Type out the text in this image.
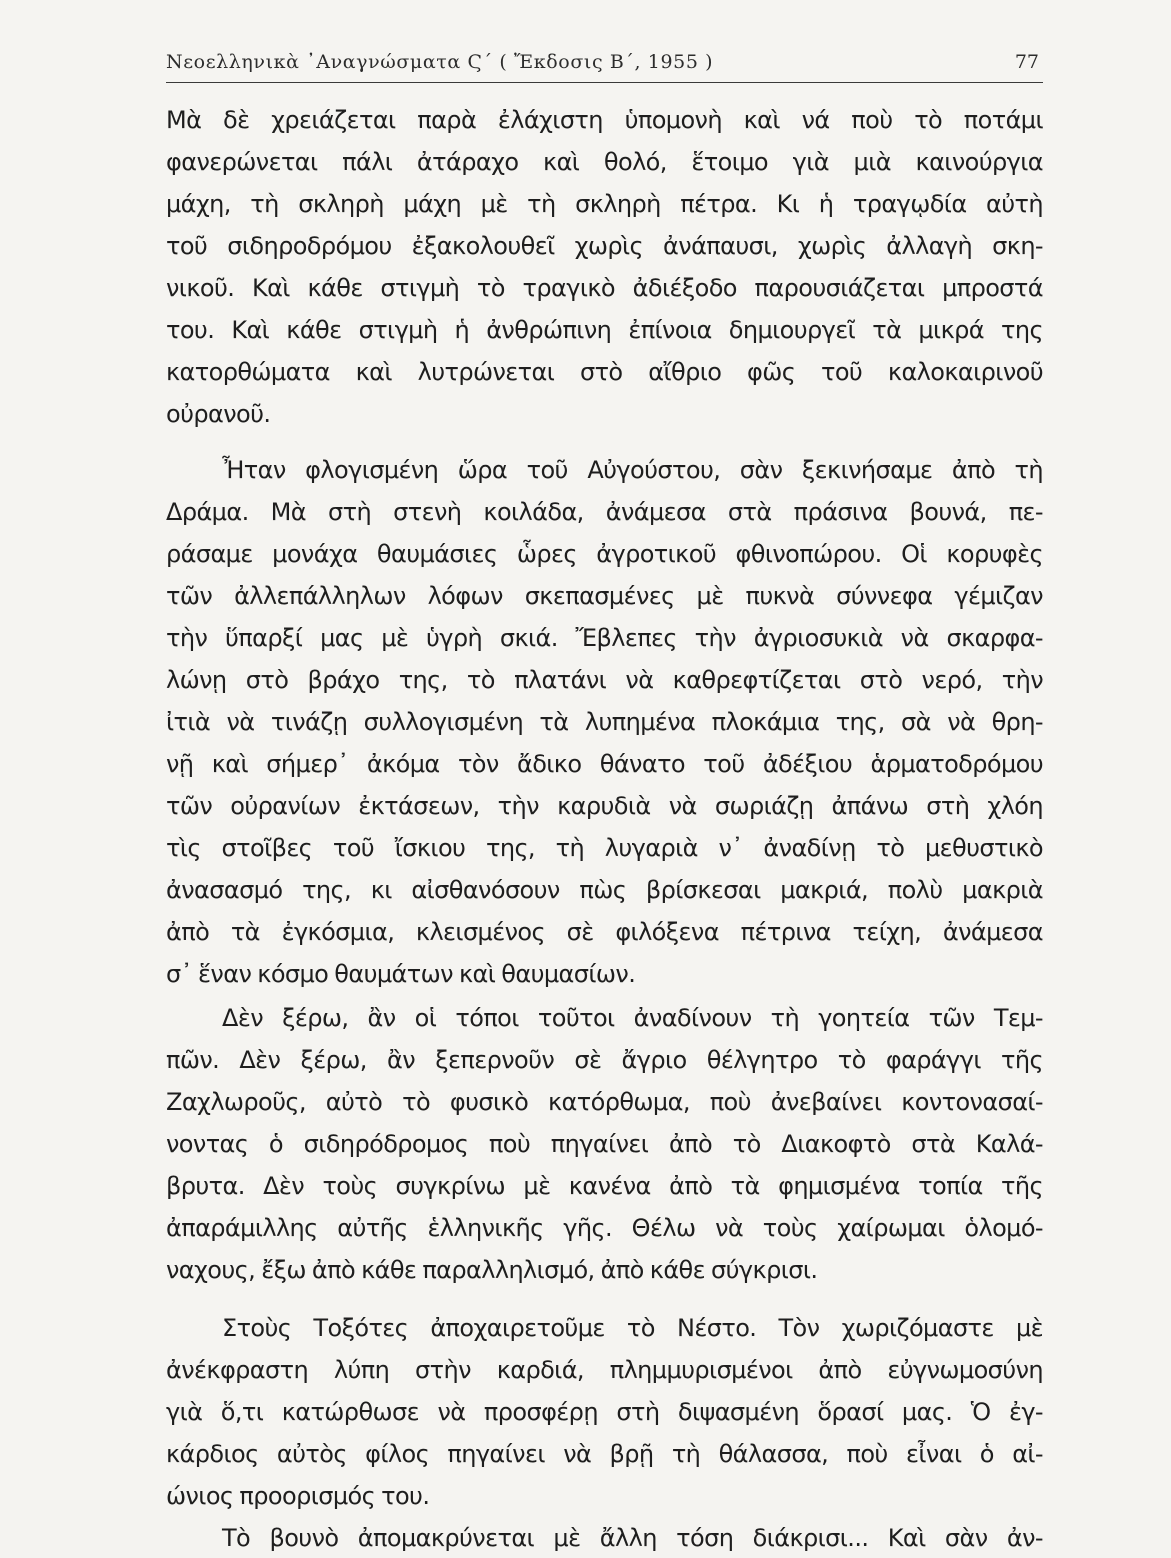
Νεοελληνικὰ ᾿Αναγνώσματα Ϛ΄ ( Ἔκδοσις Β΄, 1955 )	77
Μὰ δὲ χρειάζεται παρὰ ἐλάχιστη ὑπομονὴ καὶ νά ποὺ τὸ ποτάμι
φανερώνεται πάλι ἀτάραχο καὶ θολό, ἕτοιμο γιὰ μιὰ καινούργια
μάχη, τὴ σκληρὴ μάχη μὲ τὴ σκληρὴ πέτρα. Κι ἡ τραγῳδία αὐτὴ
τοῦ σιδηροδρόμου ἐξακολουθεῖ χωρὶς ἀνάπαυσι, χωρὶς ἀλλαγὴ σκη-
νικοῦ. Καὶ κάθε στιγμὴ τὸ τραγικὸ ἀδιέξοδο παρουσιάζεται μπροστά
του. Καὶ κάθε στιγμὴ ἡ ἀνθρώπινη ἐπίνοια δημιουργεῖ τὰ μικρά της
κατορθώματα καὶ λυτρώνεται στὸ αἴθριο φῶς τοῦ καλοκαιρινοῦ
οὐρανοῦ.
Ἦταν φλογισμένη ὥρα τοῦ Αὐγούστου, σὰν ξεκινήσαμε ἀπὸ τὴ
Δράμα. Μὰ στὴ στενὴ κοιλάδα, ἀνάμεσα στὰ πράσινα βουνά, πε-
ράσαμε μονάχα θαυμάσιες ὧρες ἀγροτικοῦ φθινοπώρου. Οἱ κορυφὲς
τῶν ἀλλεπάλληλων λόφων σκεπασμένες μὲ πυκνὰ σύννεφα γέμιζαν
τὴν ὕπαρξί μας μὲ ὑγρὴ σκιά. Ἔβλεπες τὴν ἀγριοσυκιὰ νὰ σκαρφα-
λώνῃ στὸ βράχο της, τὸ πλατάνι νὰ καθρεφτίζεται στὸ νερό, τὴν
ἰτιὰ νὰ τινάζῃ συλλογισμένη τὰ λυπημένα πλοκάμια της, σὰ νὰ θρη-
νῇ καὶ σήμερ᾿ ἀκόμα τὸν ἄδικο θάνατο τοῦ ἀδέξιου ἁρματοδρόμου
τῶν οὐρανίων ἐκτάσεων, τὴν καρυδιὰ νὰ σωριάζῃ ἀπάνω στὴ χλόη
τὶς στοῖβες τοῦ ἴσκιου της, τὴ λυγαριὰ ν᾿ ἀναδίνῃ τὸ μεθυστικὸ
ἀνασασμό της, κι αἰσθανόσουν πὼς βρίσκεσαι μακριά, πολὺ μακριὰ
ἀπὸ τὰ ἐγκόσμια, κλεισμένος σὲ φιλόξενα πέτρινα τείχη, ἀνάμεσα
σ᾿ ἕναν κόσμο θαυμάτων καὶ θαυμασίων.
Δὲν ξέρω, ἂν οἱ τόποι τοῦτοι ἀναδίνουν τὴ γοητεία τῶν Τεμ-
πῶν. Δὲν ξέρω, ἂν ξεπερνοῦν σὲ ἄγριο θέλγητρο τὸ φαράγγι τῆς
Ζαχλωροῦς, αὐτὸ τὸ φυσικὸ κατόρθωμα, ποὺ ἀνεβαίνει κοντονασαί-
νοντας ὁ σιδηρόδρομος ποὺ πηγαίνει ἀπὸ τὸ Διακοφτὸ στὰ Καλά-
βρυτα. Δὲν τοὺς συγκρίνω μὲ κανένα ἀπὸ τὰ φημισμένα τοπία τῆς
ἀπαράμιλλης αὐτῆς ἑλληνικῆς γῆς. Θέλω νὰ τοὺς χαίρωμαι ὁλομό-
ναχους, ἔξω ἀπὸ κάθε παραλληλισμό, ἀπὸ κάθε σύγκρισι.
Στοὺς Τοξότες ἀποχαιρετοῦμε τὸ Νέστο. Τὸν χωριζόμαστε μὲ
ἀνέκφραστη λύπη στὴν καρδιά, πλημμυρισμένοι ἀπὸ εὐγνωμοσύνη
γιὰ ὅ,τι κατώρθωσε νὰ προσφέρῃ στὴ διψασμένη ὅρασί μας. Ὁ ἐγ-
κάρδιος αὐτὸς φίλος πηγαίνει νὰ βρῇ τὴ θάλασσα, ποὺ εἶναι ὁ αἰ-
ώνιος προορισμός του.
Τὸ βουνὸ ἀπομακρύνεται μὲ ἄλλη τόση διάκρισι... Καὶ σὰν ἀν-
